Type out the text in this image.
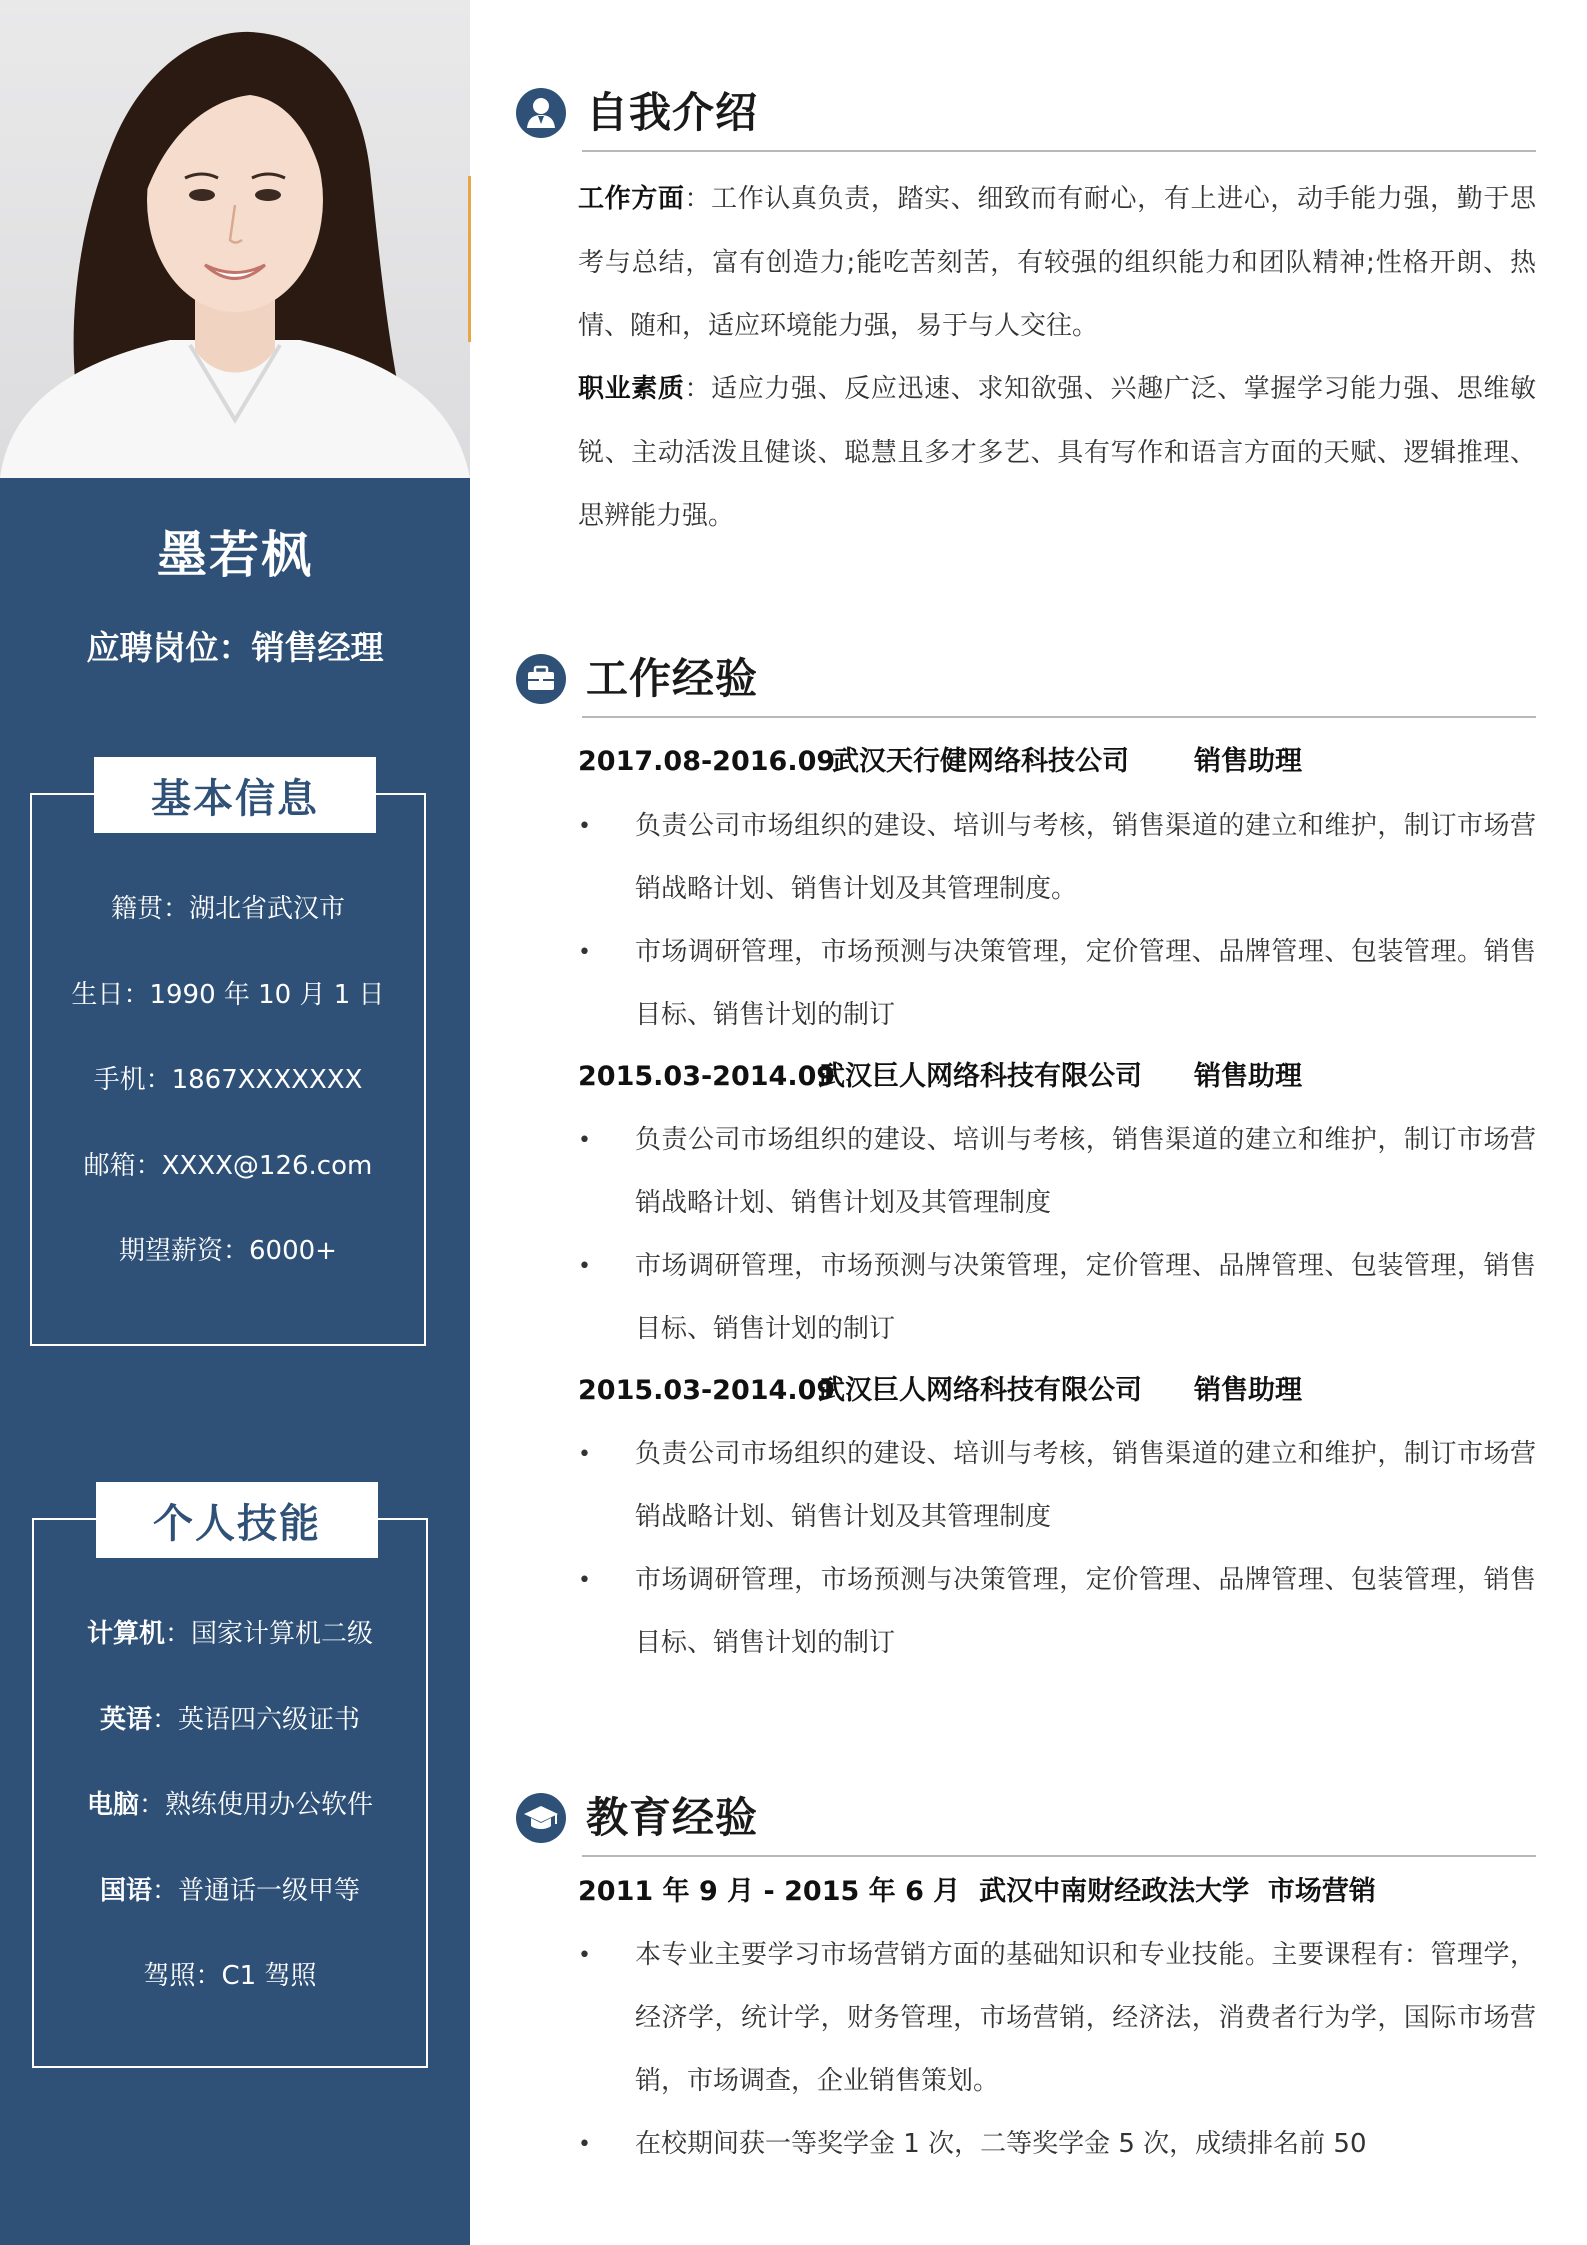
墨若枫
应聘岗位：销售经理
基本信息
籍贯：湖北省武汉市
生日：1990 年 10 月 1 日
手机：1867XXXXXXX
邮箱：XXXX@126.com
期望薪资：6000+
个人技能
计算机：国家计算机二级
英语：英语四六级证书
电脑：熟练使用办公软件
国语：普通话一级甲等
驾照：C1 驾照
自我介绍
工作方面：工作认真负责，踏实、细致而有耐心，有上进心，动手能力强，勤于思考与总结，富有创造力;能吃苦刻苦，有较强的组织能力和团队精神;性格开朗、热情、随和，适应环境能力强，易于与人交往。
职业素质：适应力强、反应迅速、求知欲强、兴趣广泛、掌握学习能力强、思维敏锐、主动活泼且健谈、聪慧且多才多艺、具有写作和语言方面的天赋、逻辑推理、思辨能力强。
工作经验
2017.08-2016.09武汉天行健网络科技公司 销售助理
•	负责公司市场组织的建设、培训与考核，销售渠道的建立和维护，制订市场营销战略计划、销售计划及其管理制度。
•	市场调研管理，市场预测与决策管理，定价管理、品牌管理、包装管理。销售目标、销售计划的制订
2015.03-2014.09武汉巨人网络科技有限公司 销售助理
•	负责公司市场组织的建设、培训与考核，销售渠道的建立和维护，制订市场营销战略计划、销售计划及其管理制度
•	市场调研管理，市场预测与决策管理，定价管理、品牌管理、包装管理，销售目标、销售计划的制订
2015.03-2014.09武汉巨人网络科技有限公司 销售助理
•	负责公司市场组织的建设、培训与考核，销售渠道的建立和维护，制订市场营销战略计划、销售计划及其管理制度
•	市场调研管理，市场预测与决策管理，定价管理、品牌管理、包装管理，销售目标、销售计划的制订
教育经验
2011 年 9 月 - 2015 年 6 月  武汉中南财经政法大学  市场营销
•	本专业主要学习市场营销方面的基础知识和专业技能。主要课程有：管理学，经济学，统计学，财务管理，市场营销，经济法，消费者行为学，国际市场营销，市场调查，企业销售策划。
•	在校期间获一等奖学金 1 次，二等奖学金 5 次，成绩排名前 50
